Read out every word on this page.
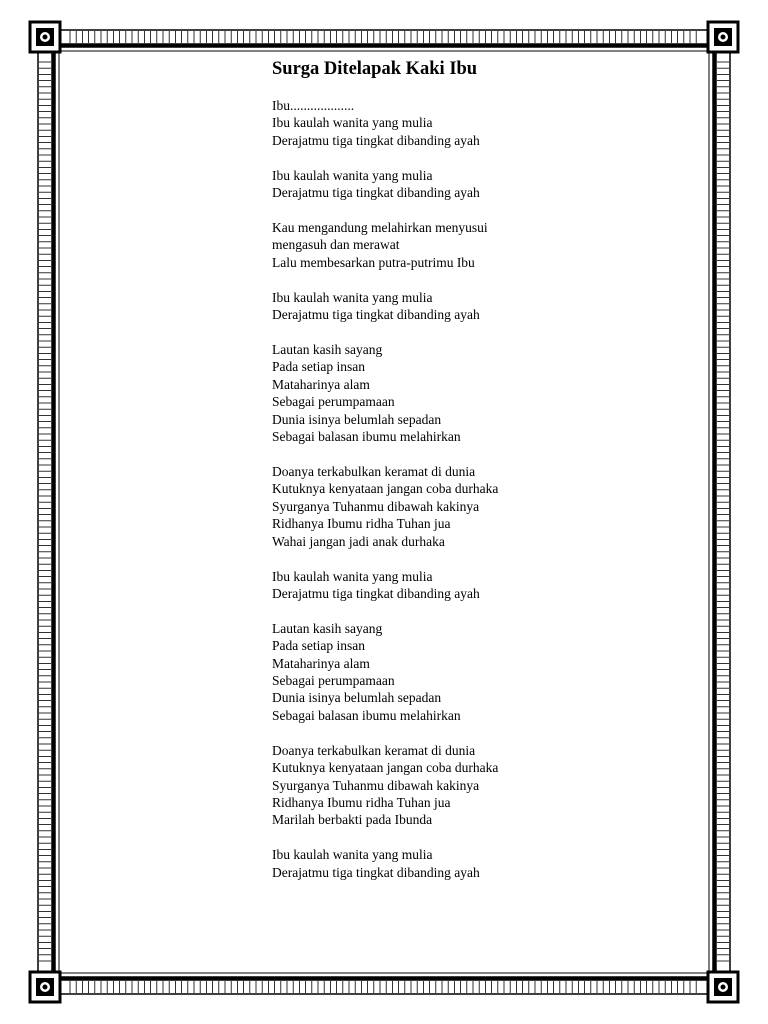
Surga Ditelapak Kaki Ibu
Ibu...................
Ibu kaulah wanita yang mulia
Derajatmu tiga tingkat dibanding ayah
Ibu kaulah wanita yang mulia
Derajatmu tiga tingkat dibanding ayah
Kau mengandung melahirkan menyusui
mengasuh dan merawat
Lalu membesarkan putra-putrimu Ibu
Ibu kaulah wanita yang mulia
Derajatmu tiga tingkat dibanding ayah
Lautan kasih sayang
Pada setiap insan
Mataharinya alam
Sebagai perumpamaan
Dunia isinya belumlah sepadan
Sebagai balasan ibumu melahirkan
Doanya terkabulkan keramat di dunia
Kutuknya kenyataan jangan coba durhaka
Syurganya Tuhanmu dibawah kakinya
Ridhanya Ibumu ridha Tuhan jua
Wahai jangan jadi anak durhaka
Ibu kaulah wanita yang mulia
Derajatmu tiga tingkat dibanding ayah
Lautan kasih sayang
Pada setiap insan
Mataharinya alam
Sebagai perumpamaan
Dunia isinya belumlah sepadan
Sebagai balasan ibumu melahirkan
Doanya terkabulkan keramat di dunia
Kutuknya kenyataan jangan coba durhaka
Syurganya Tuhanmu dibawah kakinya
Ridhanya Ibumu ridha Tuhan jua
Marilah berbakti pada Ibunda
Ibu kaulah wanita yang mulia
Derajatmu tiga tingkat dibanding ayah
